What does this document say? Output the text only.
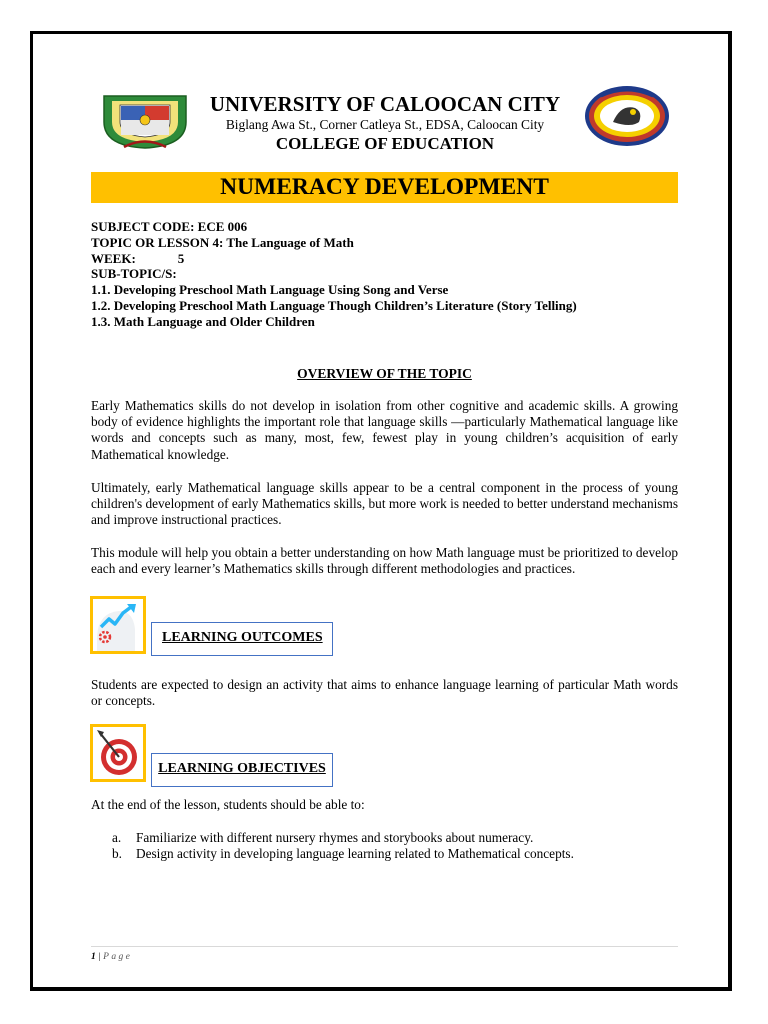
UNIVERSITY OF CALOOCAN CITY
Biglang Awa St., Corner Catleya St., EDSA, Caloocan City
COLLEGE OF EDUCATION
NUMERACY DEVELOPMENT
SUBJECT CODE: ECE 006
TOPIC OR LESSON 4: The Language of Math
WEEK:	5
SUB-TOPIC/S:
1.1. Developing Preschool Math Language Using Song and Verse
1.2. Developing Preschool Math Language Though Children’s Literature (Story Telling)
1.3. Math Language and Older Children
OVERVIEW OF THE TOPIC
Early Mathematics skills do not develop in isolation from other cognitive and academic skills. A growing body of evidence highlights the important role that language skills —particularly Mathematical language like words and concepts such as many, most, few, fewest play in young children’s acquisition of early Mathematical knowledge.
Ultimately, early Mathematical language skills appear to be a central component in the process of young children's development of early Mathematics skills, but more work is needed to better understand mechanisms and improve instructional practices.
This module will help you obtain a better understanding on how Math language must be prioritized to develop each and every learner’s Mathematics skills through different methodologies and practices.
LEARNING OUTCOMES
Students are expected to design an activity that aims to enhance language learning of particular Math words or concepts.
LEARNING OBJECTIVES
At the end of the lesson, students should be able to:
a.	Familiarize with different nursery rhymes and storybooks about numeracy.
b.	Design activity in developing language learning related to Mathematical concepts.
1 | Page
